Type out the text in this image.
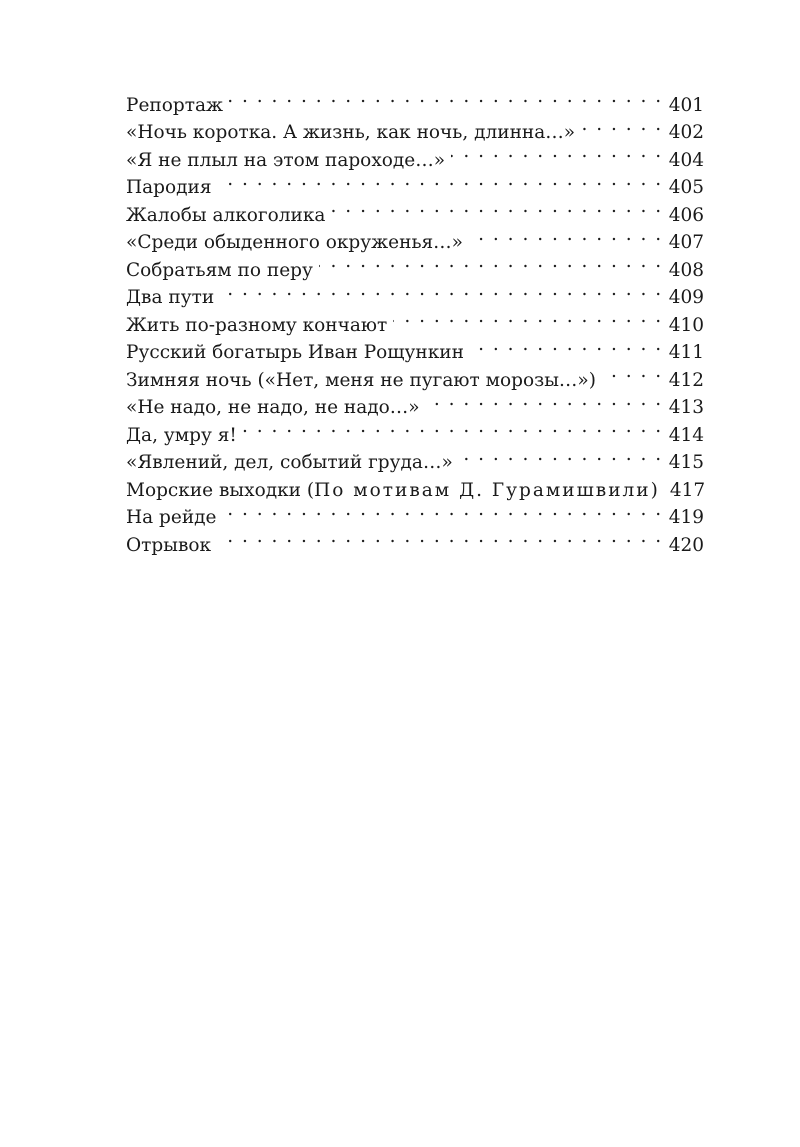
Репортаж . . .	401
«Ночь коротка. А жизнь, как ночь, длинна…» . . .	402
«Я не плыл на этом пароходе…» . . .	404
Пародия . . .	405
Жалобы алкоголика . . .	406
«Среди обыденного окруженья…» . . .	407
Собратьям по перу . . .	408
Два пути . . .	409
Жить по-разному кончают . . .	410
Русский богатырь Иван Рощункин . . .	411
Зимняя ночь («Нет, меня не пугают морозы…») . . .	412
«Не надо, не надо, не надо…» . . .	413
Да, умру я! . . .	414
«Явлений, дел, событий груда…» . . .	415
Морские выходки (По мотивам Д. Гурамишвили) 417
На рейде . . .	419
Отрывок . . .	420
